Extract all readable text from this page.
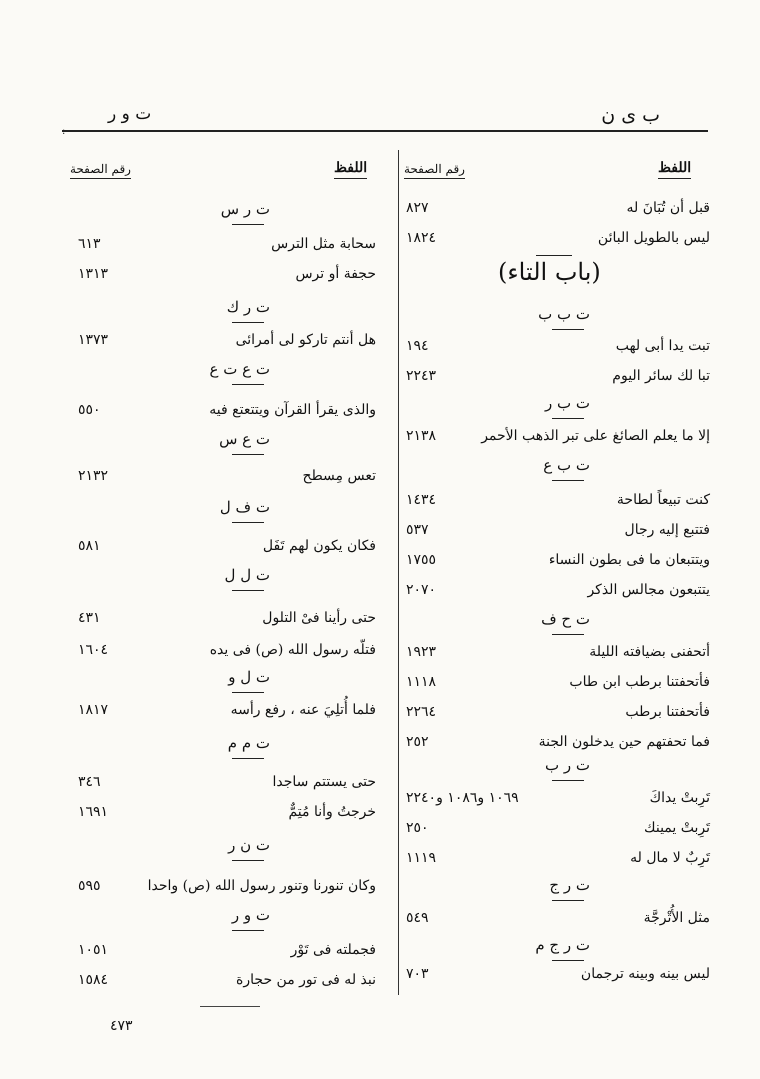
ب ى ن
ت و ر
:
اللفظ
رقم الصفحة
اللفظ
رقم الصفحة
(باب التاء)
٤٧٣
قبل أن تُبَانَ له
٨٢٧
ليس بالطويل البائن
١٨٢٤
ت ب ب
تبت يدا أبى لهب
١٩٤
تبا لك سائر اليوم
٢٢٤٣
ت ب ر
إلا ما يعلم الصائغ على تبر الذهب الأحمر
٢١٣٨
ت ب ع
كنت تبيعاً لطاحة
١٤٣٤
فتتبع إليه رجال
٥٣٧
ويتتبعان ما فى بطون النساء
١٧٥٥
يتتبعون مجالس الذكر
٢٠٧٠
ت ح ف
أتحفنى بضيافته الليلة
١٩٢٣
فأتحفتنا برطب ابن طاب
١١١٨
فأتحفتنا برطب
٢٢٦٤
فما تحفتهم حين يدخلون الجنة
٢٥٢
ت ر ب
تَرِبتْ يداكَ
١٠٦٩ و١٠٨٦ و٢٢٤٠
تَرِبتْ يمينك
٢٥٠
تَرِبٌ لا مال له
١١١٩
ت ر ج
مثل الأُتْرجَّة
٥٤٩
ت ر ج م
ليس بينه وبينه ترجمان
٧٠٣
ت ر س
سحابة مثل الترس
٦١٣
حجفة أو ترس
١٣١٣
ت ر ك
هل أنتم تاركو لى أمرائى
١٣٧٣
ت ع ت ع
والذى يقرأ القرآن ويتتعتع فيه
٥٥٠
ت ع س
تعس مِسطح
٢١٣٢
ت ف ل
فكان يكون لهم تَفَل
٥٨١
ت ل ل
حتى رأينا فىْ التلول
٤٣١
فتلّه رسول الله (ص) فى يده
١٦٠٤
ت ل و
فلما أُتلِيَ عنه ، رفع رأسه
١٨١٧
ت م م
حتى يستتم ساجدا
٣٤٦
خرجتُ وأنا مُتِمٌّ
١٦٩١
ت ن ر
وكان تنورنا وتنور رسول الله (ص) واحدا
٥٩٥
ت و ر
فجملته فى تَوْر
١٠٥١
نبذ له فى تور من حجارة
١٥٨٤
